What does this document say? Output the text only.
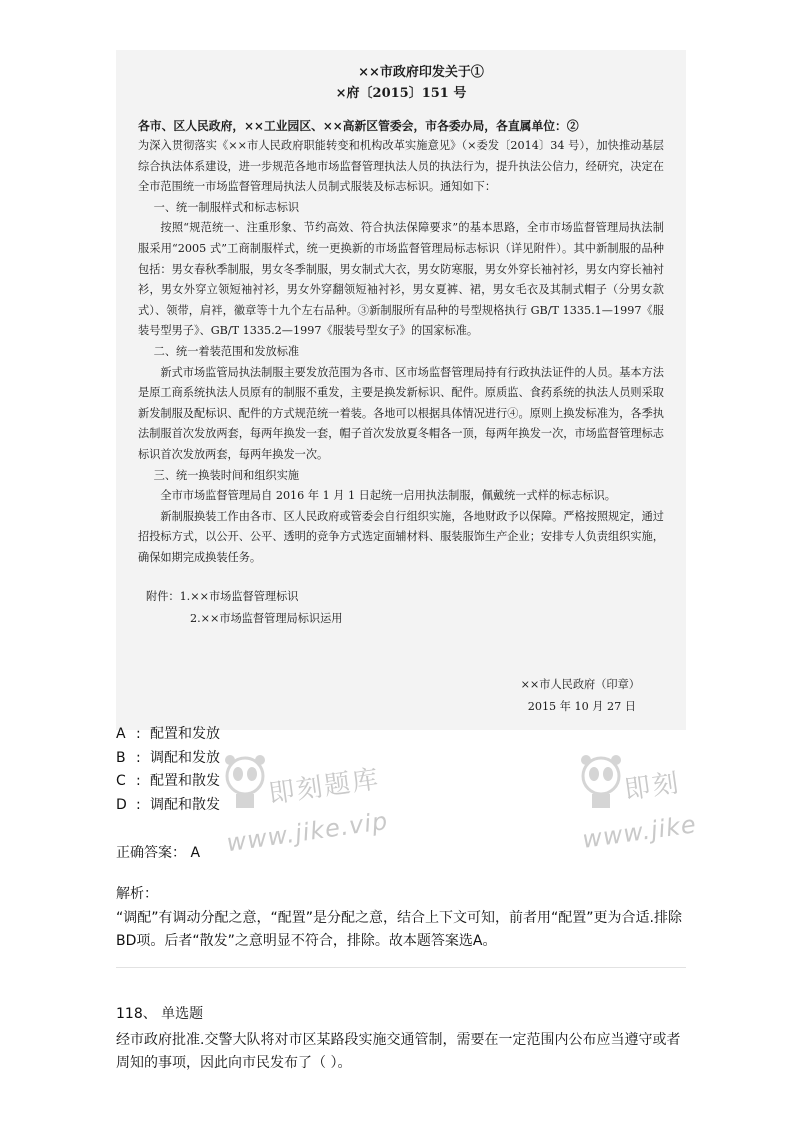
××市政府印发关于①
×府〔2015〕151 号

各市、区人民政府，××工业园区、××高新区管委会，市各委办局，各直属单位：②

为深入贯彻落实《××市人民政府职能转变和机构改革实施意见》（×委发〔2014〕34 号），加快推动基层综合执法体系建设，进一步规范各地市场监督管理执法人员的执法行为，提升执法公信力，经研究，决定在全市范围统一市场监督管理局执法人员制式服装及标志标识。通知如下：

一、统一制服样式和标志标识

按照“规范统一、注重形象、节约高效、符合执法保障要求”的基本思路，全市市场监督管理局执法制服采用“2005 式”工商制服样式，统一更换新的市场监督管理局标志标识（详见附件）。其中新制服的品种包括：男女春秋季制服，男女冬季制服，男女制式大衣，男女防寒服，男女外穿长袖衬衫，男女内穿长袖衬衫，男女外穿立领短袖衬衫，男女外穿翻领短袖衬衫，男女夏裤、裙，男女毛衣及其制式帽子（分男女款式）、领带，肩袢，徽章等十九个左右品种。③新制服所有品种的号型规格执行 GB/T 1335.1—1997《服装号型男子》、GB/T 1335.2—1997《服装号型女子》的国家标准。

二、统一着装范围和发放标准

新式市场监管局执法制服主要发放范围为各市、区市场监督管理局持有行政执法证件的人员。基本方法是原工商系统执法人员原有的制服不重发，主要是换发新标识、配件。原质监、食药系统的执法人员则采取新发制服及配标识、配件的方式规范统一着装。各地可以根据具体情况进行④。原则上换发标准为，各季执法制服首次发放两套，每两年换发一套，帽子首次发放夏冬帽各一顶，每两年换发一次，市场监督管理标志标识首次发放两套，每两年换发一次。

三、统一换装时间和组织实施

全市市场监督管理局自 2016 年 1 月 1 日起统一启用执法制服，佩戴统一式样的标志标识。

新制服换装工作由各市、区人民政府或管委会自行组织实施，各地财政予以保障。严格按照规定，通过招投标方式，以公开、公平、透明的竞争方式选定面辅材料、服装服饰生产企业；安排专人负责组织实施，确保如期完成换装任务。

附件：1.××市场监督管理标识
2.××市场监督管理局标识运用
××市人民政府（印章）
2015 年 10 月 27 日
即刻题库
www.jike.vip
即刻
www.jike
A : 配置和发放
B : 调配和发放
C : 配置和散发
D : 调配和散发
正确答案： A
解析：
“调配”有调动分配之意，“配置”是分配之意，结合上下文可知，前者用“配置”更为合适.排除BD项。后者“散发”之意明显不符合，排除。故本题答案选A。
118、 单选题
经市政府批准.交警大队将对市区某路段实施交通管制，需要在一定范围内公布应当遵守或者周知的事项，因此向市民发布了（ ）。
